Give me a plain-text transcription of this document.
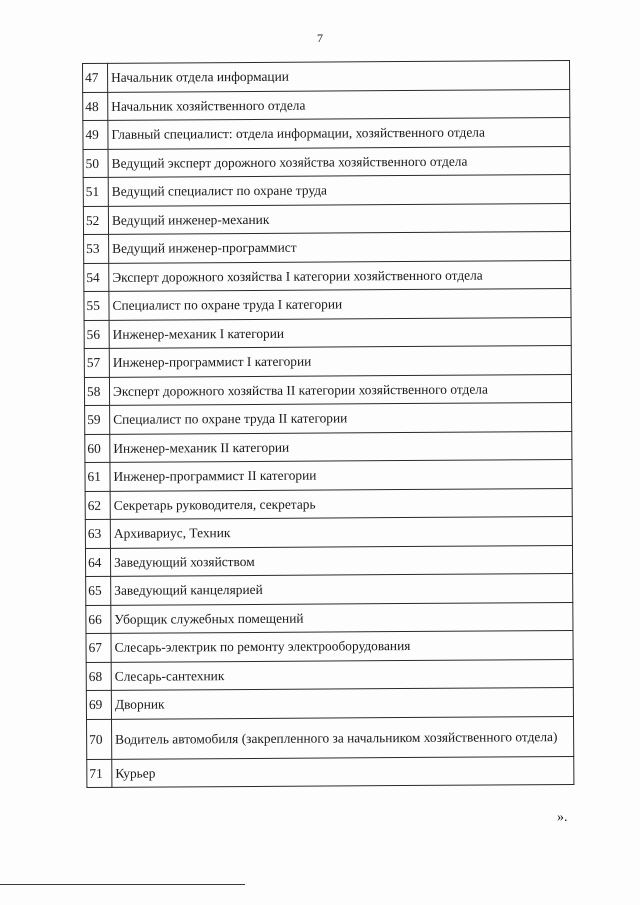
7
47	Начальник отдела информации
48	Начальник хозяйственного отдела
49	Главный специалист: отдела информации, хозяйственного отдела
50	Ведущий эксперт дорожного хозяйства хозяйственного отдела
51	Ведущий специалист по охране труда
52	Ведущий инженер-механик
53	Ведущий инженер-программист
54	Эксперт дорожного хозяйства I категории хозяйственного отдела
55	Специалист по охране труда I категории
56	Инженер-механик I категории
57	Инженер-программист I категории
58	Эксперт дорожного хозяйства II категории хозяйственного отдела
59	Специалист по охране труда II категории
60	Инженер-механик II категории
61	Инженер-программист II категории
62	Секретарь руководителя, секретарь
63	Архивариус, Техник
64	Заведующий хозяйством
65	Заведующий канцелярией
66	Уборщик служебных помещений
67	Слесарь-электрик по ремонту электрооборудования
68	Слесарь-сантехник
69	Дворник
70	Водитель автомобиля (закрепленного за начальником хозяйственного отдела)
71	Курьер
».
